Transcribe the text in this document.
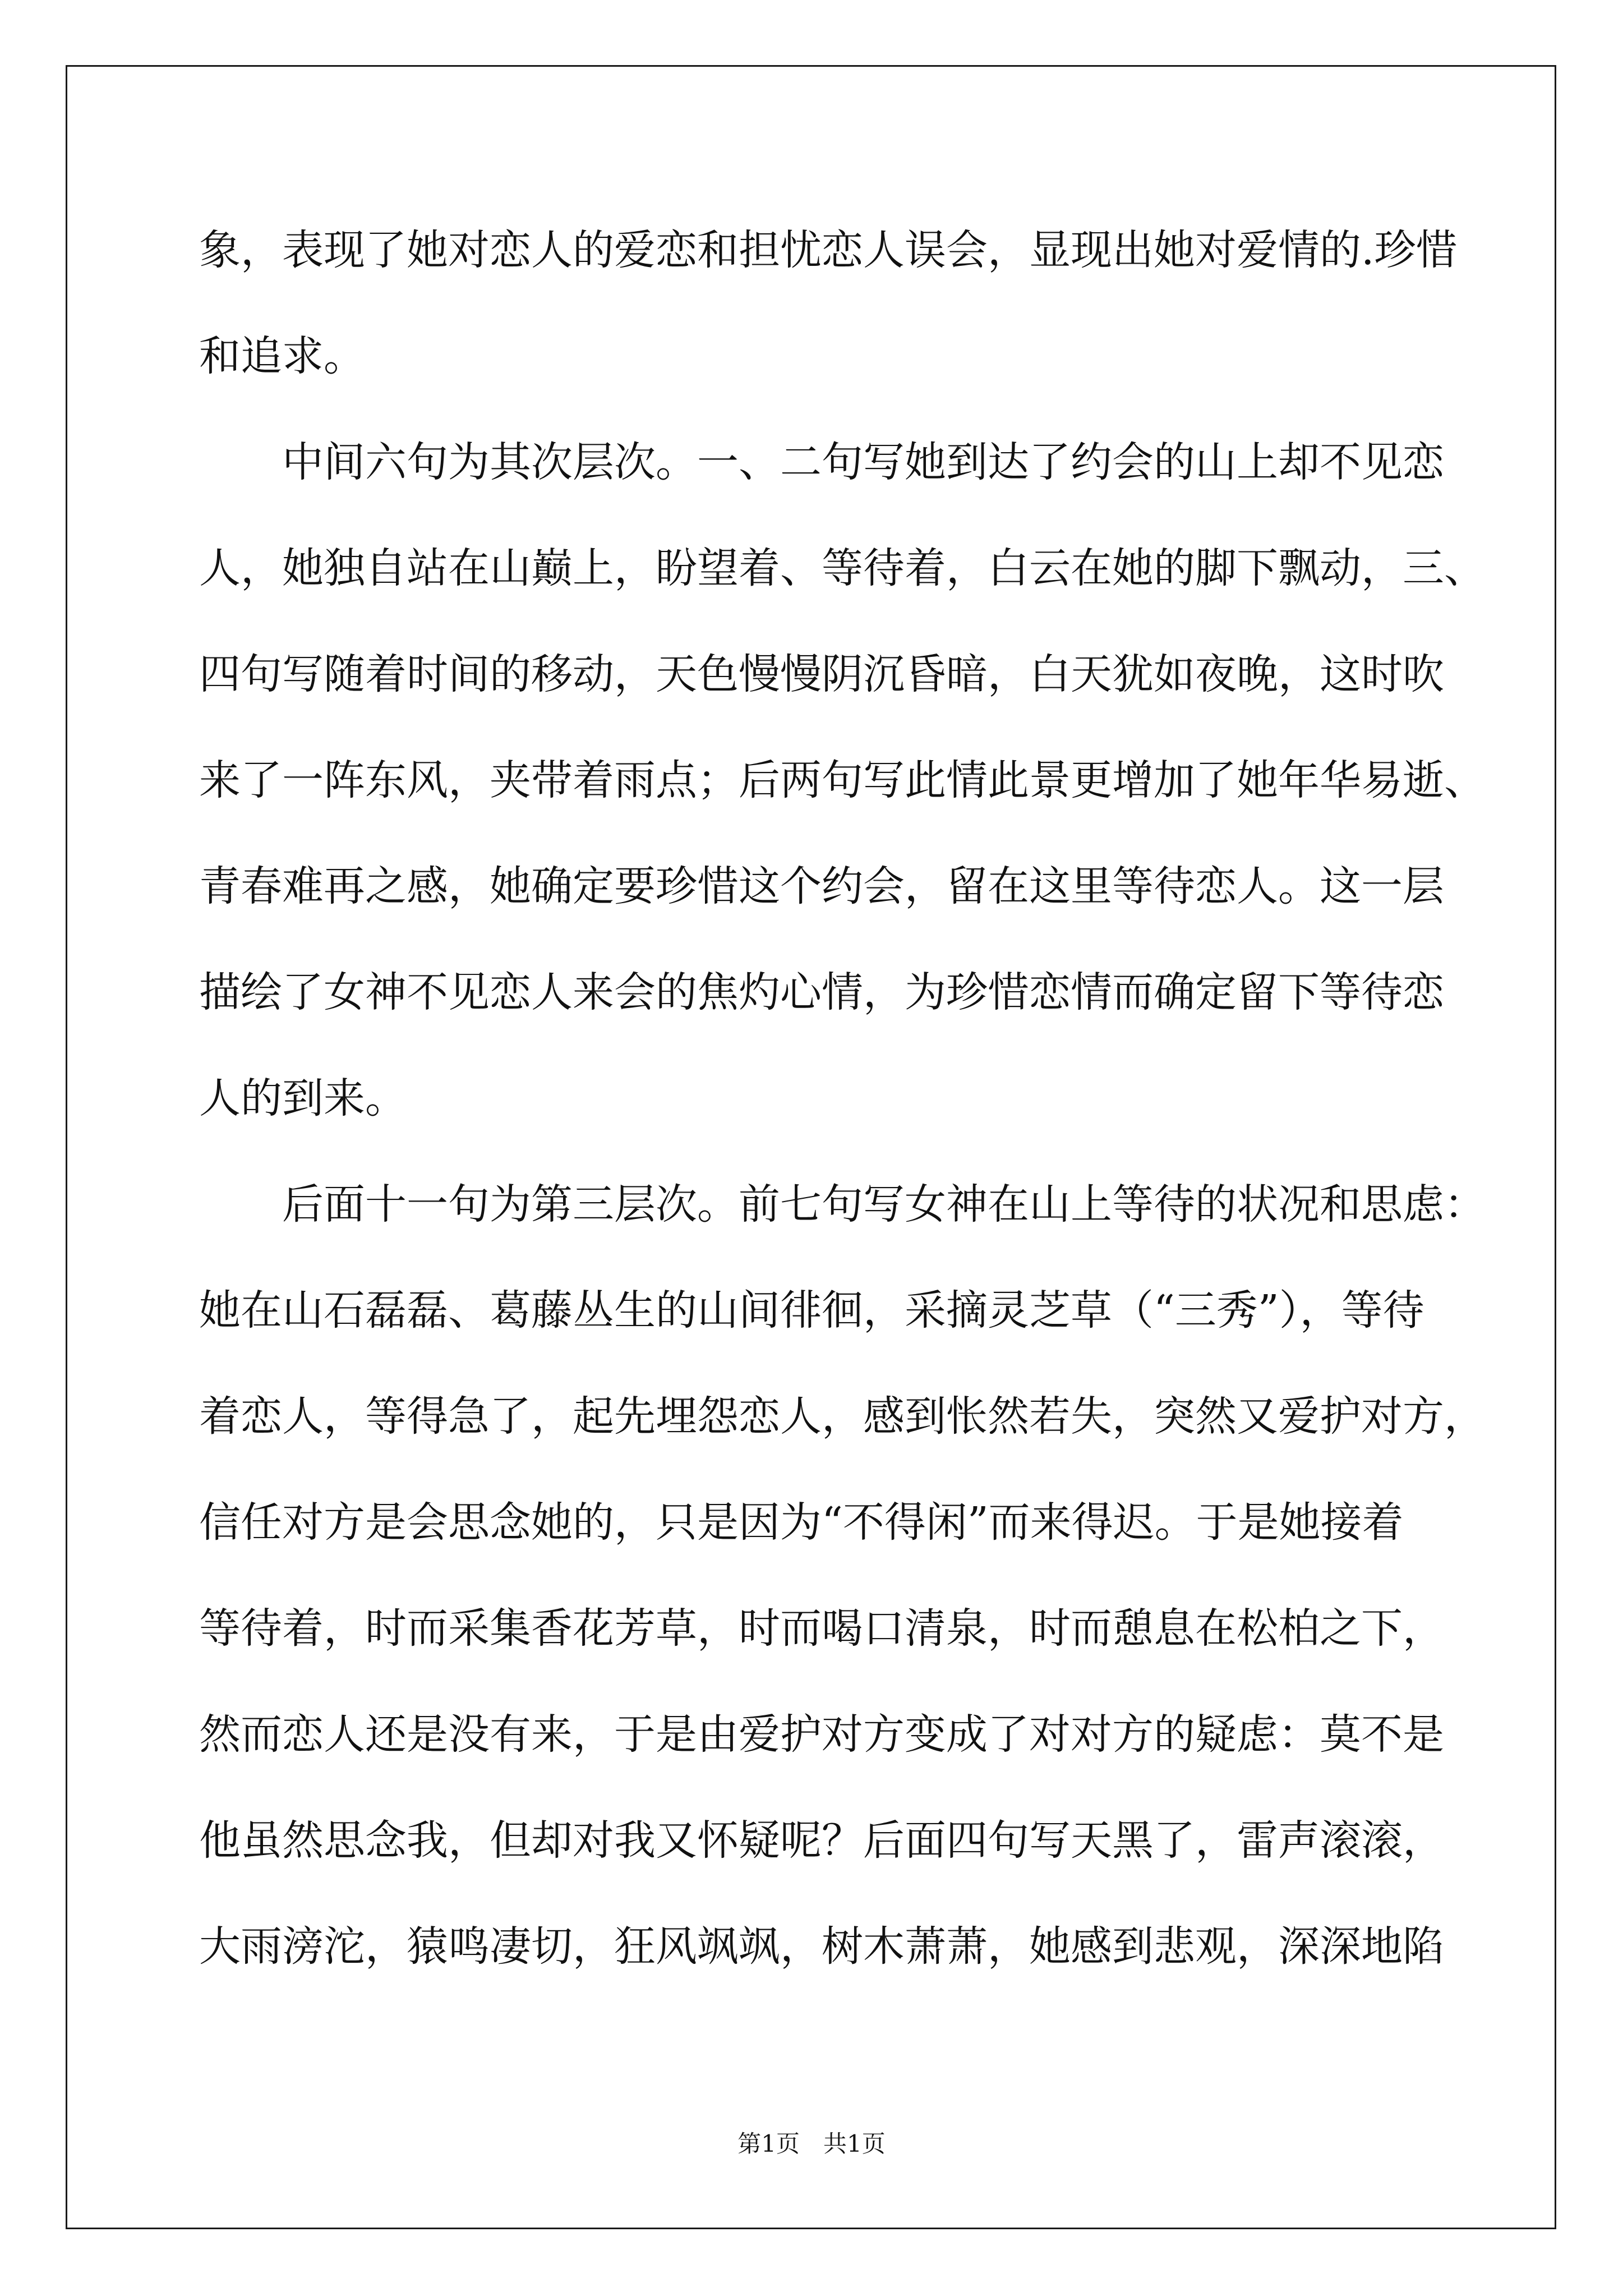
象，表现了她对恋人的爱恋和担忧恋人误会，显现出她对爱情的.珍惜
和追求。
　　中间六句为其次层次。一、二句写她到达了约会的山上却不见恋
人，她独自站在山巅上，盼望着、等待着，白云在她的脚下飘动，三、
四句写随着时间的移动，天色慢慢阴沉昏暗，白天犹如夜晚，这时吹
来了一阵东风，夹带着雨点；后两句写此情此景更增加了她年华易逝、
青春难再之感，她确定要珍惜这个约会，留在这里等待恋人。这一层
描绘了女神不见恋人来会的焦灼心情，为珍惜恋情而确定留下等待恋
人的到来。
　　后面十一句为第三层次。前七句写女神在山上等待的状况和思虑：
她在山石磊磊、葛藤丛生的山间徘徊，采摘灵芝草（“三秀”），等待
着恋人，等得急了，起先埋怨恋人，感到怅然若失，突然又爱护对方，
信任对方是会思念她的，只是因为“不得闲”而来得迟。于是她接着
等待着，时而采集香花芳草，时而喝口清泉，时而憩息在松柏之下，
然而恋人还是没有来，于是由爱护对方变成了对对方的疑虑：莫不是
他虽然思念我，但却对我又怀疑呢？后面四句写天黑了，雷声滚滚，
大雨滂沱，猿鸣凄切，狂风飒飒，树木萧萧，她感到悲观，深深地陷
第1页　共1页
